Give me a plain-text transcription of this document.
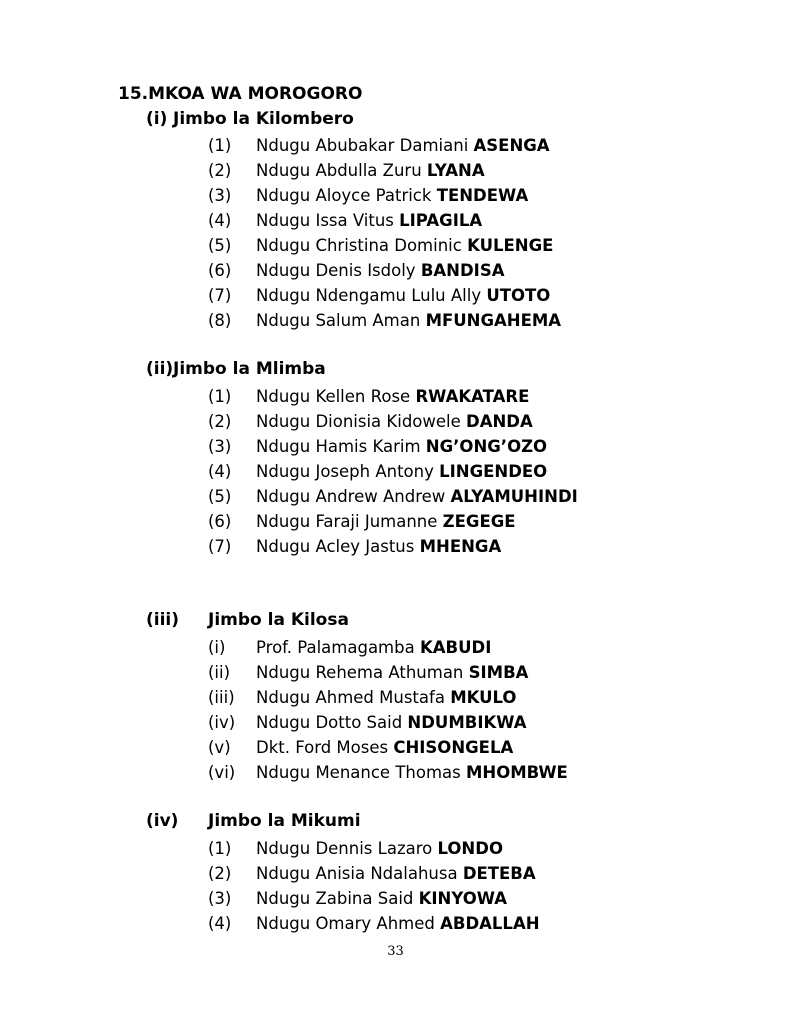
15.MKOA WA MOROGORO
(i) Jimbo la Kilombero
(ii) Jimbo la Mlimba
(iii) Jimbo la Kilosa
(iv) Jimbo la Mikumi
(1) Ndugu Abubakar Damiani ASENGA
(2) Ndugu Abdulla Zuru LYANA
(3) Ndugu Aloyce Patrick TENDEWA
(4) Ndugu Issa Vitus LIPAGILA
(5) Ndugu Christina Dominic KULENGE
(6) Ndugu Denis Isdoly BANDISA
(7) Ndugu Ndengamu Lulu Ally UTOTO
(8) Ndugu Salum Aman MFUNGAHEMA
(1) Ndugu Kellen Rose RWAKATARE
(2) Ndugu Dionisia Kidowele DANDA
(3) Ndugu Hamis Karim NG’ONG’OZO
(4) Ndugu Joseph Antony LINGENDEO
(5) Ndugu Andrew Andrew ALYAMUHINDI
(6) Ndugu Faraji Jumanne ZEGEGE
(7) Ndugu Acley Jastus MHENGA
(i) Prof. Palamagamba KABUDI
(ii) Ndugu Rehema Athuman SIMBA
(iii) Ndugu Ahmed Mustafa MKULO
(iv) Ndugu Dotto Said NDUMBIKWA
(v) Dkt. Ford Moses CHISONGELA
(vi) Ndugu Menance Thomas MHOMBWE
(1) Ndugu Dennis Lazaro LONDO
(2) Ndugu Anisia Ndalahusa DETEBA
(3) Ndugu Zabina Said KINYOWA
(4) Ndugu Omary Ahmed ABDALLAH
33
